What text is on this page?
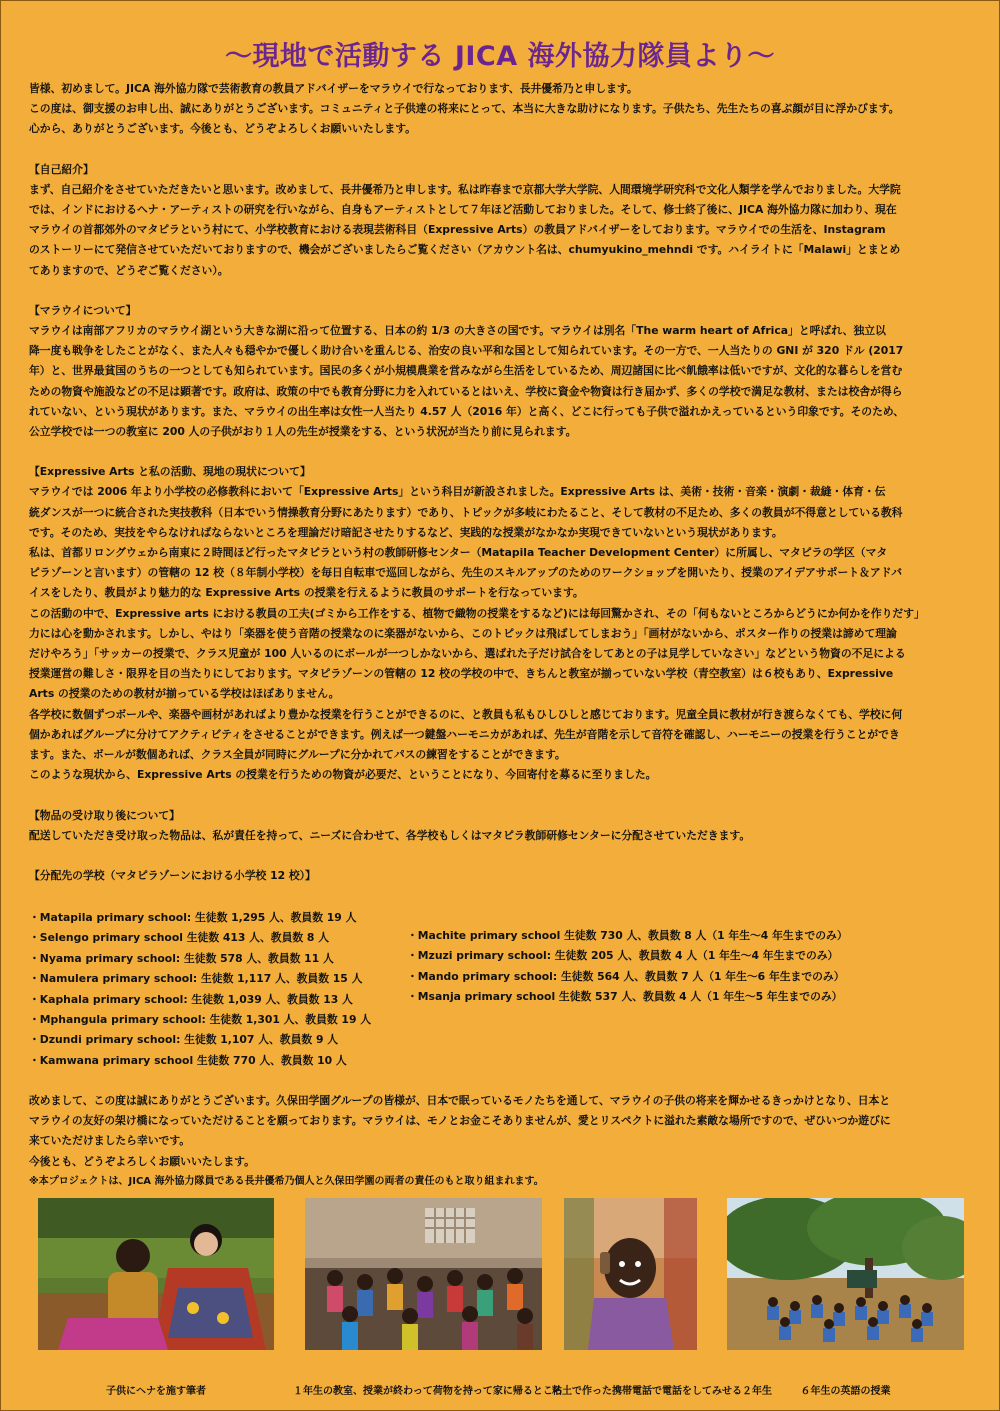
〜現地で活動する JICA 海外協力隊員より〜

皆様、初めまして。JICA 海外協力隊で芸術教育の教員アドバイザーをマラウイで行なっております、長井優希乃と申します。

この度は、御支援のお申し出、誠にありがとうございます。コミュニティと子供達の将来にとって、本当に大きな助けになります。子供たち、先生たちの喜ぶ顔が目に浮かびます。

心から、ありがとうございます。今後とも、どうぞよろしくお願いいたします。

【自己紹介】

まず、自己紹介をさせていただきたいと思います。改めまして、長井優希乃と申します。私は昨春まで京都大学大学院、人間環境学研究科で文化人類学を学んでおりました。大学院

では、インドにおけるヘナ・アーティストの研究を行いながら、自身もアーティストとして７年ほど活動しておりました。そして、修士終了後に、JICA 海外協力隊に加わり、現在

マラウイの首都郊外のマタピラという村にて、小学校教育における表現芸術科目（Expressive Arts）の教員アドバイザーをしております。マラウイでの生活を、Instagram

のストーリーにて発信させていただいておりますので、機会がございましたらご覧ください（アカウント名は、chumyukino_mehndi です。ハイライトに「Malawi」とまとめ

てありますので、どうぞご覧ください）。

【マラウイについて】

マラウイは南部アフリカのマラウイ湖という大きな湖に沿って位置する、日本の約 1/3 の大きさの国です。マラウイは別名「The warm heart of Africa」と呼ばれ、独立以

降一度も戦争をしたことがなく、また人々も穏やかで優しく助け合いを重んじる、治安の良い平和な国として知られています。その一方で、一人当たりの GNI が 320 ドル (2017

年）と、世界最貧国のうちの一つとしても知られています。国民の多くが小規模農業を営みながら生活をしているため、周辺諸国に比べ飢餓率は低いですが、文化的な暮らしを営む

ための物資や施設などの不足は顕著です。政府は、政策の中でも教育分野に力を入れているとはいえ、学校に資金や物資は行き届かず、多くの学校で満足な教材、または校舎が得ら

れていない、という現状があります。また、マラウイの出生率は女性一人当たり 4.57 人（2016 年）と高く、どこに行っても子供で溢れかえっているという印象です。そのため、

公立学校では一つの教室に 200 人の子供がおり１人の先生が授業をする、という状況が当たり前に見られます。

【Expressive Arts と私の活動、現地の現状について】

マラウイでは 2006 年より小学校の必修教科において「Expressive Arts」という科目が新設されました。Expressive Arts は、美術・技術・音楽・演劇・裁縫・体育・伝

統ダンスが一つに統合された実技教科（日本でいう情操教育分野にあたります）であり、トピックが多岐にわたること、そして教材の不足ため、多くの教員が不得意としている教科

です。そのため、実技をやらなければならないところを理論だけ暗記させたりするなど、実践的な授業がなかなか実現できていないという現状があります。

私は、首都リロングウェから南東に２時間ほど行ったマタピラという村の教師研修センター（Matapila Teacher Development Center）に所属し、マタピラの学区（マタ

ピラゾーンと言います）の管轄の 12 校（８年制小学校）を毎日自転車で巡回しながら、先生のスキルアップのためのワークショップを開いたり、授業のアイデアサポート＆アドバ

イスをしたり、教員がより魅力的な Expressive Arts の授業を行えるように教員のサポートを行なっています。

この活動の中で、Expressive arts における教員の工夫(ゴミから工作をする、植物で織物の授業をするなど)には毎回驚かされ、その「何もないところからどうにか何かを作りだす」

力には心を動かされます。しかし、やはり「楽器を使う音階の授業なのに楽器がないから、このトピックは飛ばしてしまおう」「画材がないから、ポスター作りの授業は諦めて理論

だけやろう」「サッカーの授業で、クラス児童が 100 人いるのにボールが一つしかないから、選ばれた子だけ試合をしてあとの子は見学していなさい」などという物資の不足による

授業運営の難しさ・限界を目の当たりにしております。マタピラゾーンの管轄の 12 校の学校の中で、きちんと教室が揃っていない学校（青空教室）は６校もあり、Expressive

Arts の授業のための教材が揃っている学校はほぼありません。

各学校に数個ずつボールや、楽器や画材があればより豊かな授業を行うことができるのに、と教員も私もひしひしと感じております。児童全員に教材が行き渡らなくても、学校に何

個かあればグループに分けてアクティビティをさせることができます。例えば一つ鍵盤ハーモニカがあれば、先生が音階を示して音符を確認し、ハーモニーの授業を行うことができ

ます。また、ボールが数個あれば、クラス全員が同時にグループに分かれてパスの練習をすることができます。

このような現状から、Expressive Arts の授業を行うための物資が必要だ、ということになり、今回寄付を募るに至りました。

【物品の受け取り後について】

配送していただき受け取った物品は、私が責任を持って、ニーズに合わせて、各学校もしくはマタピラ教師研修センターに分配させていただきます。

【分配先の学校（マタピラゾーンにおける小学校 12 校）】

・Matapila primary school: 生徒数 1,295 人、教員数 19 人

・Selengo primary school 生徒数 413 人、教員数 8 人

・Nyama primary school: 生徒数 578 人、教員数 11 人

・Namulera primary school: 生徒数 1,117 人、教員数 15 人

・Kaphala primary school: 生徒数 1,039 人、教員数 13 人

・Mphangula primary school: 生徒数 1,301 人、教員数 19 人

・Dzundi primary school: 生徒数 1,107 人、教員数 9 人

・Kamwana primary school 生徒数 770 人、教員数 10 人

・Machite primary school 生徒数 730 人、教員数 8 人（1 年生〜4 年生までのみ）

・Mzuzi primary school: 生徒数 205 人、教員数 4 人（1 年生〜4 年生までのみ）

・Mando primary school: 生徒数 564 人、教員数 7 人（1 年生〜6 年生までのみ）

・Msanja primary school 生徒数 537 人、教員数 4 人（1 年生〜5 年生までのみ）

改めまして、この度は誠にありがとうございます。久保田学園グループの皆様が、日本で眠っているモノたちを通して、マラウイの子供の将来を輝かせるきっかけとなり、日本と

マラウイの友好の架け橋になっていただけることを願っております。マラウイは、モノとお金こそありませんが、愛とリスペクトに溢れた素敵な場所ですので、ぜひいつか遊びに

来ていただけましたら幸いです。

今後とも、どうぞよろしくお願いいたします。

※本プロジェクトは、JICA 海外協力隊員である長井優希乃個人と久保田学園の両者の責任のもと取り組まれます。

子供にヘナを施す筆者	１年生の教室、授業が終わって荷物を持って家に帰るところ
粘土で作った携帯電話で電話をしてみせる２年生	６年生の英語の授業
